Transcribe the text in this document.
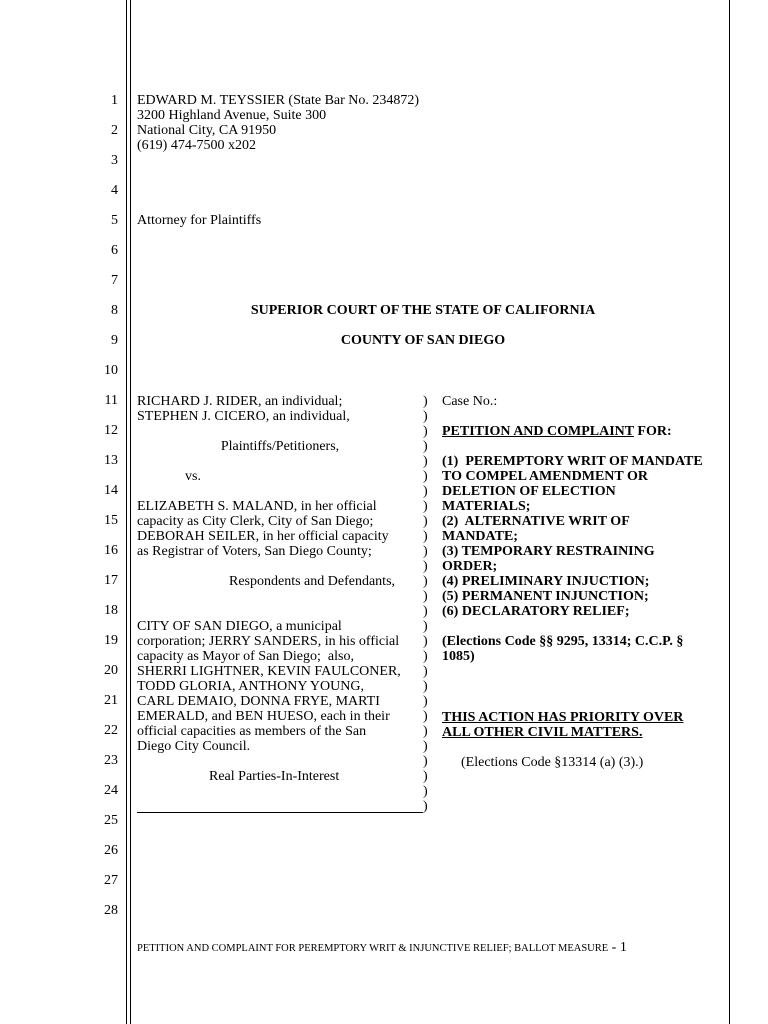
1
2
3
4
5
6
7
8
9
10
11
12
13
14
15
16
17
18
19
20
21
22
23
24
25
26
27
28
EDWARD M. TEYSSIER (State Bar No. 234872)
3200 Highland Avenue, Suite 300
National City, CA 91950
(619) 474-7500 x202
Attorney for Plaintiffs
SUPERIOR COURT OF THE STATE OF CALIFORNIA
COUNTY OF SAN DIEGO
RICHARD J. RIDER, an individual;
STEPHEN J. CICERO, an individual,
Plaintiffs/Petitioners,
vs.
ELIZABETH S. MALAND, in her official
capacity as City Clerk, City of San Diego;
DEBORAH SEILER, in her official capacity
as Registrar of Voters, San Diego County;
Respondents and Defendants,
CITY OF SAN DIEGO, a municipal
corporation; JERRY SANDERS, in his official
capacity as Mayor of San Diego;  also,
SHERRI LIGHTNER, KEVIN FAULCONER,
TODD GLORIA, ANTHONY YOUNG,
CARL DEMAIO, DONNA FRYE, MARTI
EMERALD, and BEN HUESO, each in their
official capacities as members of the San
Diego City Council.
Real Parties-In-Interest
)
)
)
)
)
)
)
)
)
)
)
)
)
)
)
)
)
)
)
)
)
)
)
)
)
)
)
)
Case No.:
PETITION AND COMPLAINT FOR:
(1)  PEREMPTORY WRIT OF MANDATE
TO COMPEL AMENDMENT OR
DELETION OF ELECTION
MATERIALS;
(2)  ALTERNATIVE WRIT OF
MANDATE;
(3) TEMPORARY RESTRAINING
ORDER;
(4) PRELIMINARY INJUCTION;
(5) PERMANENT INJUNCTION;
(6) DECLARATORY RELIEF;
(Elections Code §§ 9295, 13314; C.C.P. §
1085)
THIS ACTION HAS PRIORITY OVER
ALL OTHER CIVIL MATTERS.
(Elections Code §13314 (a) (3).)
PETITION AND COMPLAINT FOR PEREMPTORY WRIT & INJUNCTIVE RELIEF; BALLOT MEASURE - 1
